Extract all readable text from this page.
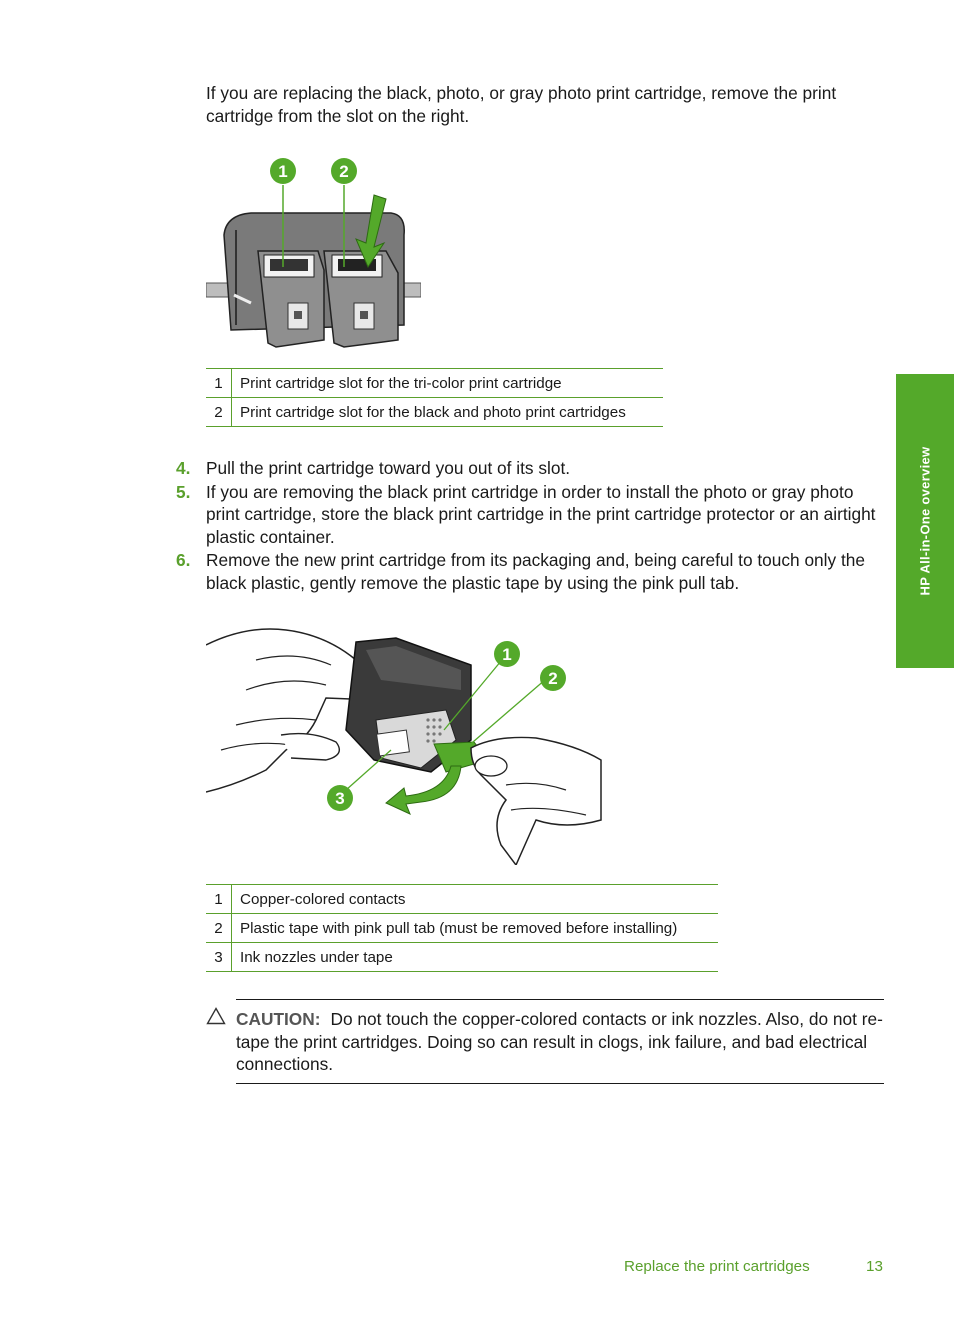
If you are replacing the black, photo, or gray photo print cartridge, remove the print cartridge from the slot on the right.

1	2
1	Print cartridge slot for the tri-color print cartridge
2	Print cartridge slot for the black and photo print cartridges
4. Pull the print cartridge toward you out of its slot.
5. If you are removing the black print cartridge in order to install the photo or gray photo print cartridge, store the black print cartridge in the print cartridge protector or an airtight plastic container.
6. Remove the new print cartridge from its packaging and, being careful to touch only the black plastic, gently remove the plastic tape by using the pink pull tab.
1
2
3
1	Copper-colored contacts
2	Plastic tape with pink pull tab (must be removed before installing)
3	Ink nozzles under tape
CAUTION: Do not touch the copper-colored contacts or ink nozzles. Also, do not re-tape the print cartridges. Doing so can result in clogs, ink failure, and bad electrical connections.
HP All-in-One overview
Replace the print cartridges	13
